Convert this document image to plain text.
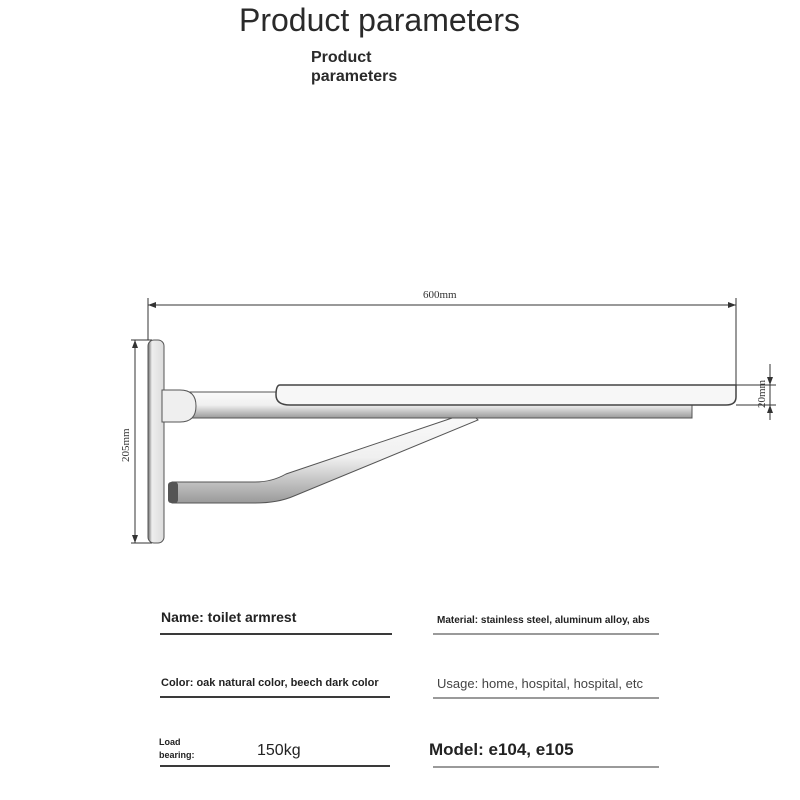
Product parameters
Product parameters
600mm
205mm
20mm
Name: toilet armrest	Material: stainless steel, aluminum alloy, abs
Color: oak natural color, beech dark color	Usage: home, hospital, hospital, etc
Load
bearing:	150kg	Model: e104, e105
